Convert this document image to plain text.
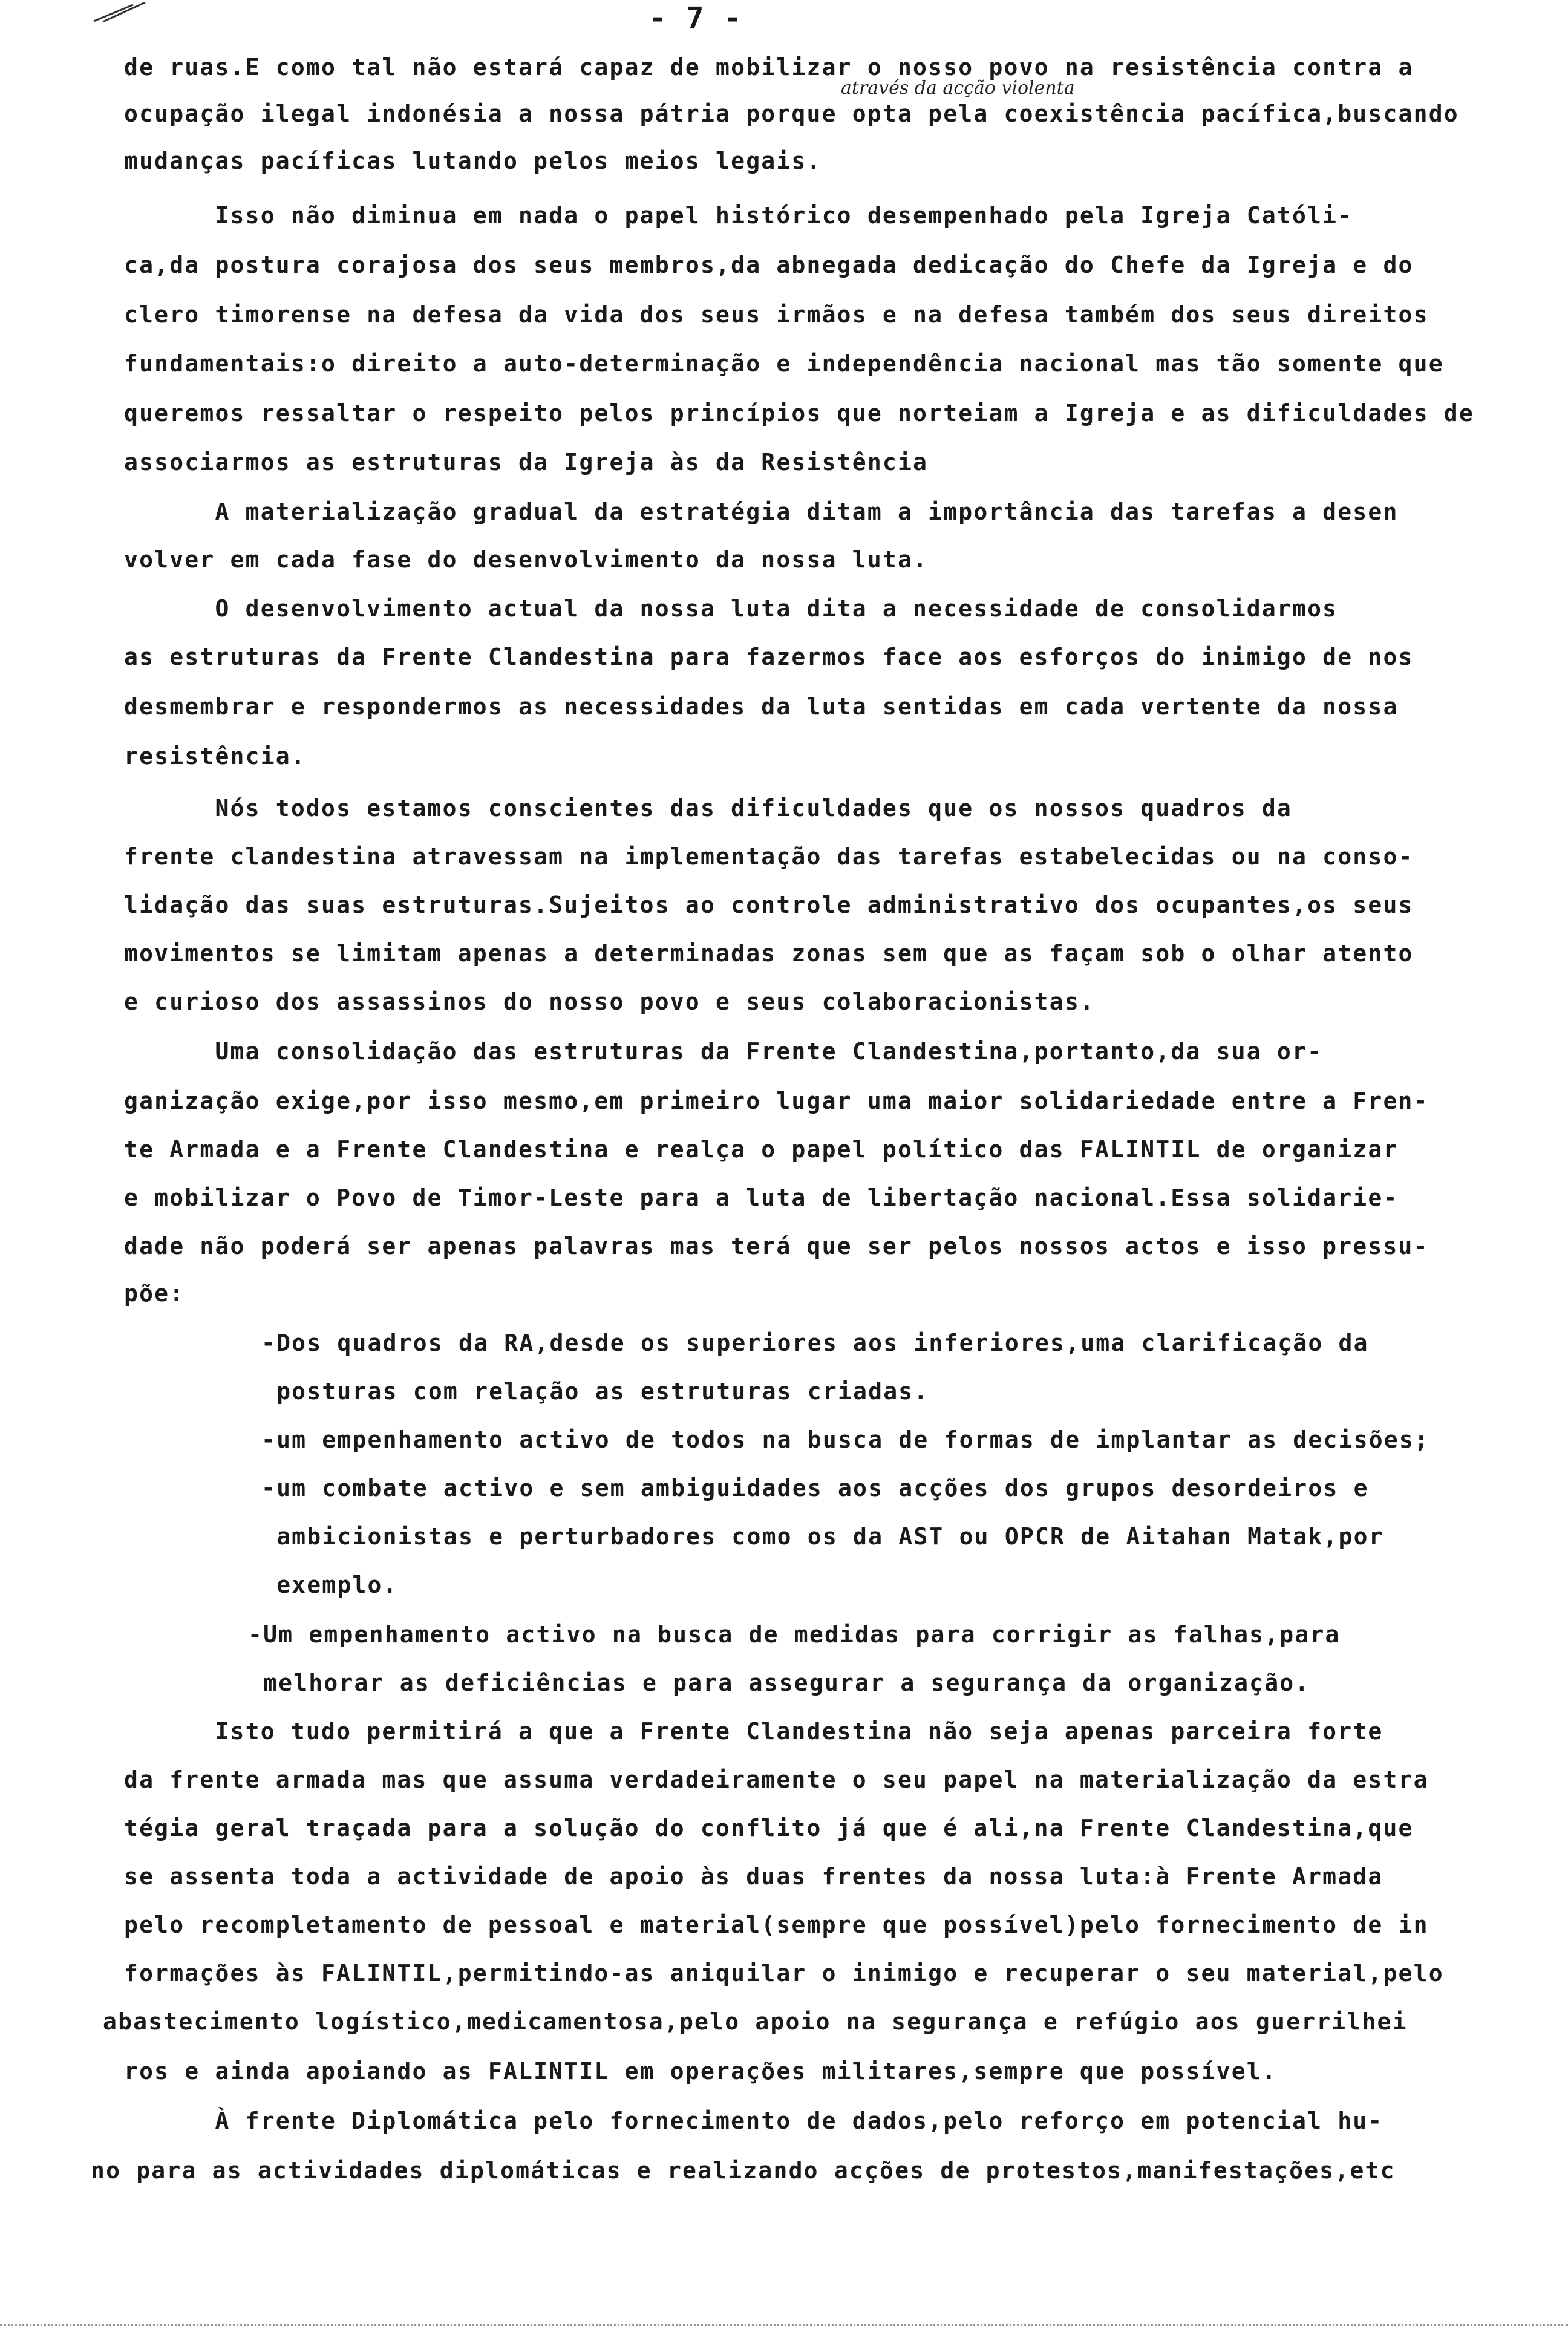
- 7 -
através da acção violenta
de ruas.E como tal não estará capaz de mobilizar o nosso povo na resistência contra a
ocupação ilegal indonésia a nossa pátria porque opta pela coexistência pacífica,buscando
mudanças pacíficas lutando pelos meios legais.
Isso não diminua em nada o papel histórico desempenhado pela Igreja Católi-
ca,da postura corajosa dos seus membros,da abnegada dedicação do Chefe da Igreja e do
clero timorense na defesa da vida dos seus irmãos e na defesa também dos seus direitos
fundamentais:o direito a auto-determinação e independência nacional mas tão somente que
queremos ressaltar o respeito pelos princípios que norteiam a Igreja e as dificuldades de
associarmos as estruturas da Igreja às da Resistência
A materialização gradual da estratégia ditam a importância das tarefas a desen
volver em cada fase do desenvolvimento da nossa luta.
O desenvolvimento actual da nossa luta dita a necessidade de consolidarmos
as estruturas da Frente Clandestina para fazermos face aos esforços do inimigo de nos
desmembrar e respondermos as necessidades da luta sentidas em cada vertente da nossa
resistência.
Nós todos estamos conscientes das dificuldades que os nossos quadros da
frente clandestina atravessam na implementação das tarefas estabelecidas ou na conso-
lidação das suas estruturas.Sujeitos ao controle administrativo dos ocupantes,os seus
movimentos se limitam apenas a determinadas zonas sem que as façam sob o olhar atento
e curioso dos assassinos do nosso povo e seus colaboracionistas.
Uma consolidação das estruturas da Frente Clandestina,portanto,da sua or-
ganização exige,por isso mesmo,em primeiro lugar uma maior solidariedade entre a Fren-
te Armada e a Frente Clandestina e realça o papel político das FALINTIL de organizar
e mobilizar o Povo de Timor-Leste para a luta de libertação nacional.Essa solidarie-
dade não poderá ser apenas palavras mas terá que ser pelos nossos actos e isso pressu-
põe:
-Dos quadros da RA,desde os superiores aos inferiores,uma clarificação da
posturas com relação as estruturas criadas.
-um empenhamento activo de todos na busca de formas de implantar as decisões;
-um combate activo e sem ambiguidades aos acções dos grupos desordeiros e
ambicionistas e perturbadores como os da AST ou OPCR de Aitahan Matak,por
exemplo.
-Um empenhamento activo na busca de medidas para corrigir as falhas,para
melhorar as deficiências e para assegurar a segurança da organização.
Isto tudo permitirá a que a Frente Clandestina não seja apenas parceira forte
da frente armada mas que assuma verdadeiramente o seu papel na materialização da estra
tégia geral traçada para a solução do conflito já que é ali,na Frente Clandestina,que
se assenta toda a actividade de apoio às duas frentes da nossa luta:à Frente Armada
pelo recompletamento de pessoal e material(sempre que possível)pelo fornecimento de in
formações às FALINTIL,permitindo-as aniquilar o inimigo e recuperar o seu material,pelo
abastecimento logístico,medicamentosa,pelo apoio na segurança e refúgio aos guerrilhei
ros e ainda apoiando as FALINTIL em operações militares,sempre que possível.
À frente Diplomática pelo fornecimento de dados,pelo reforço em potencial hu-
no para as actividades diplomáticas e realizando acções de protestos,manifestações,etc
